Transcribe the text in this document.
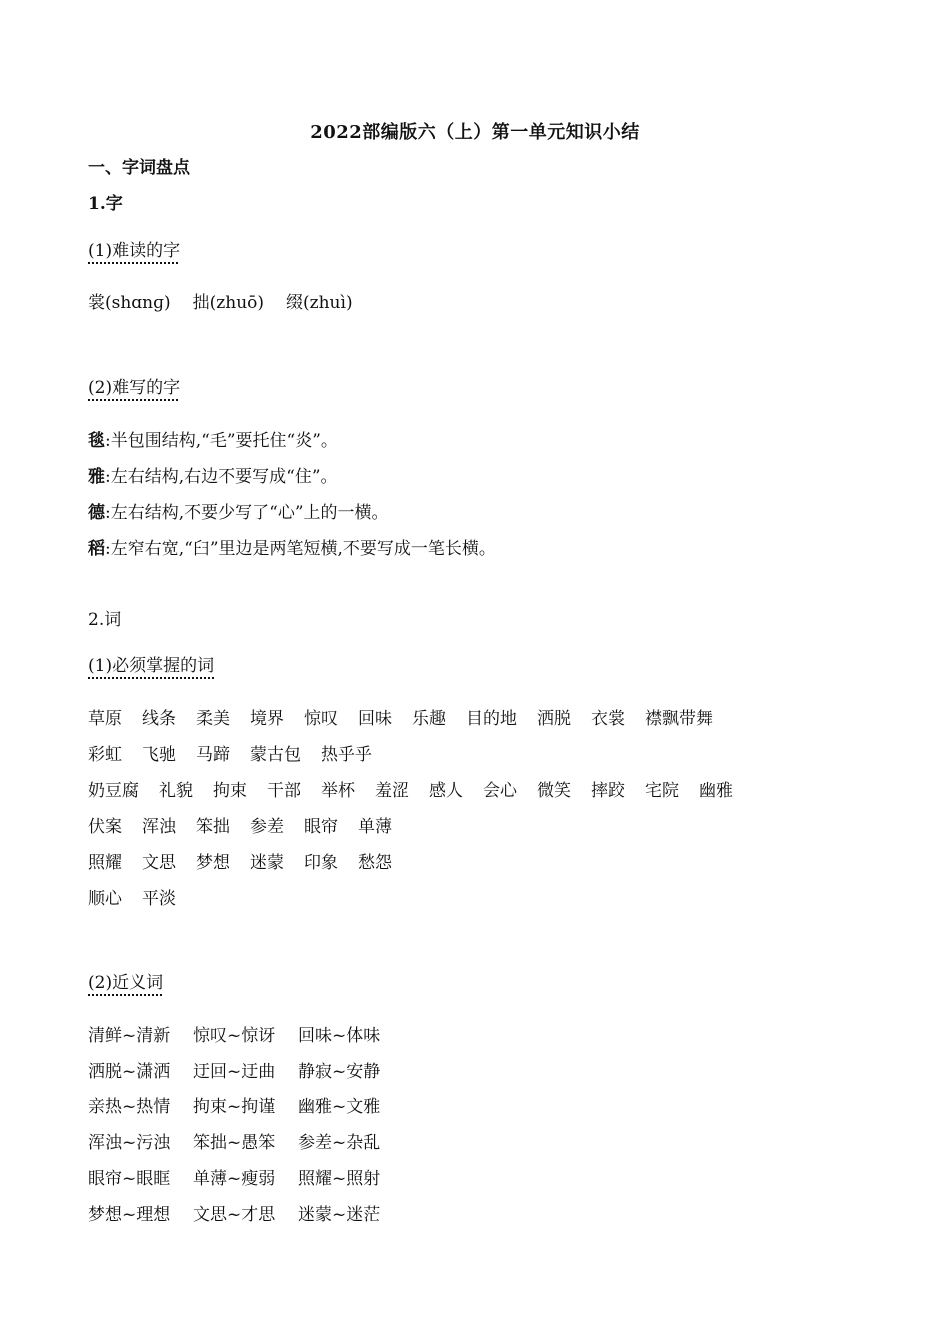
2022部编版六（上）第一单元知识小结
一、字词盘点
1.字
(1)难读的字
裳(shɑnɡ) 拙(zhuō) 缀(zhuì)
(2)难写的字
毯:半包围结构,“毛”要托住“炎”。
雅:左右结构,右边不要写成“住”。
德:左右结构,不要少写了“心”上的一横。
稻:左窄右宽,“臼”里边是两笔短横,不要写成一笔长横。
2.词
(1)必须掌握的词
草原 线条 柔美 境界 惊叹 回味 乐趣 目的地 洒脱 衣裳 襟飘带舞
彩虹 飞驰 马蹄 蒙古包 热乎乎
奶豆腐 礼貌 拘束 干部 举杯 羞涩 感人 会心 微笑 摔跤 宅院 幽雅
伏案 浑浊 笨拙 参差 眼帘 单薄
照耀 文思 梦想 迷蒙 印象 愁怨
顺心 平淡
(2)近义词
清鲜~清新	惊叹~惊讶	回味~体味
洒脱~潇洒	迂回~迂曲	静寂~安静
亲热~热情	拘束~拘谨	幽雅~文雅
浑浊~污浊	笨拙~愚笨	参差~杂乱
眼帘~眼眶	单薄~瘦弱	照耀~照射
梦想~理想	文思~才思	迷蒙~迷茫
